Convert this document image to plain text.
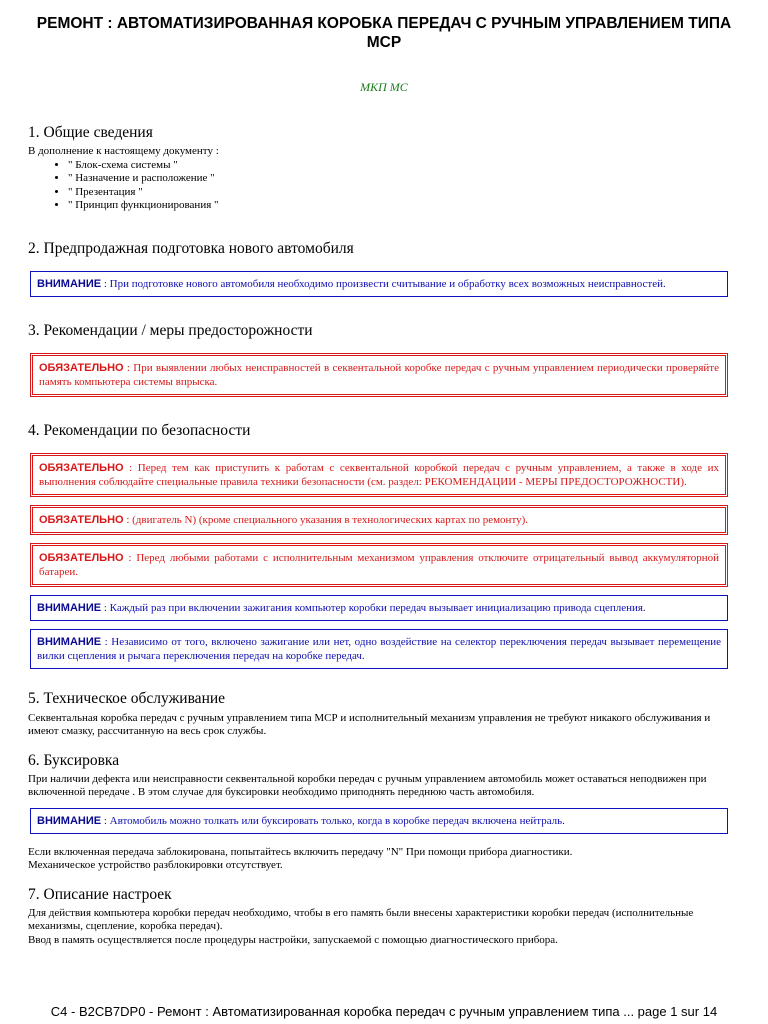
РЕМОНТ : АВТОМАТИЗИРОВАННАЯ КОРОБКА ПЕРЕДАЧ С РУЧНЫМ УПРАВЛЕНИЕМ ТИПА МСР
МКП МС
1. Общие сведения

В дополнение к настоящему документу :

• " Блок-схема системы "
• " Назначение и расположение "
• " Презентация "
• " Принцип функционирования "
2. Предпродажная подготовка нового автомобиля
ВНИМАНИЕ : При подготовке нового автомобиля необходимо произвести считывание и обработку всех возможных неисправностей.
3. Рекомендации / меры предосторожности
ОБЯЗАТЕЛЬНО : При выявлении любых неисправностей в секвентальной коробке передач с ручным управлением периодически проверяйте память компьютера системы впрыска.
4. Рекомендации по безопасности
ОБЯЗАТЕЛЬНО : Перед тем как приступить к работам с секвентальной коробкой передач с ручным управлением, а также в ходе их выполнения соблюдайте специальные правила техники безопасности (см. раздел: РЕКОМЕНДАЦИИ - МЕРЫ ПРЕДОСТОРОЖНОСТИ).
ОБЯЗАТЕЛЬНО : (двигатель N) (кроме специального указания в технологических картах по ремонту).
ОБЯЗАТЕЛЬНО : Перед любыми работами с исполнительным механизмом управления отключите отрицательный вывод аккумуляторной батареи.
ВНИМАНИЕ : Каждый раз при включении зажигания компьютер коробки передач вызывает инициализацию привода сцепления.
ВНИМАНИЕ : Независимо от того, включено зажигание или нет, одно воздействие на селектор переключения передач вызывает перемещение вилки сцепления и рычага переключения передач на коробке передач.
5. Техническое обслуживание

Секвентальная коробка передач с ручным управлением типа МСР и исполнительный механизм управления не требуют никакого обслуживания и имеют смазку, рассчитанную на весь срок службы.

6. Буксировка

При наличии дефекта или неисправности секвентальной коробки передач с ручным управлением автомобиль может оставаться неподвижен при включенной передаче . В этом случае для буксировки необходимо приподнять переднюю часть автомобиля.

ВНИМАНИЕ : Автомобиль можно толкать или буксировать только, когда в коробке передач включена нейтраль.

Если включенная передача заблокирована, попытайтесь включить передачу "N" При помощи прибора диагностики.

Механическое устройство разблокировки отсутствует.

7. Описание настроек

Для действия компьютера коробки передач необходимо, чтобы в его память были внесены характеристики коробки передач (исполнительные механизмы, сцепление, коробка передач).

Ввод в память осуществляется после процедуры настройки, запускаемой с помощью диагностического прибора.

С4 - B2CB7DP0 - Ремонт : Автоматизированная коробка передач с ручным управлением типа ... page 1 sur 14
